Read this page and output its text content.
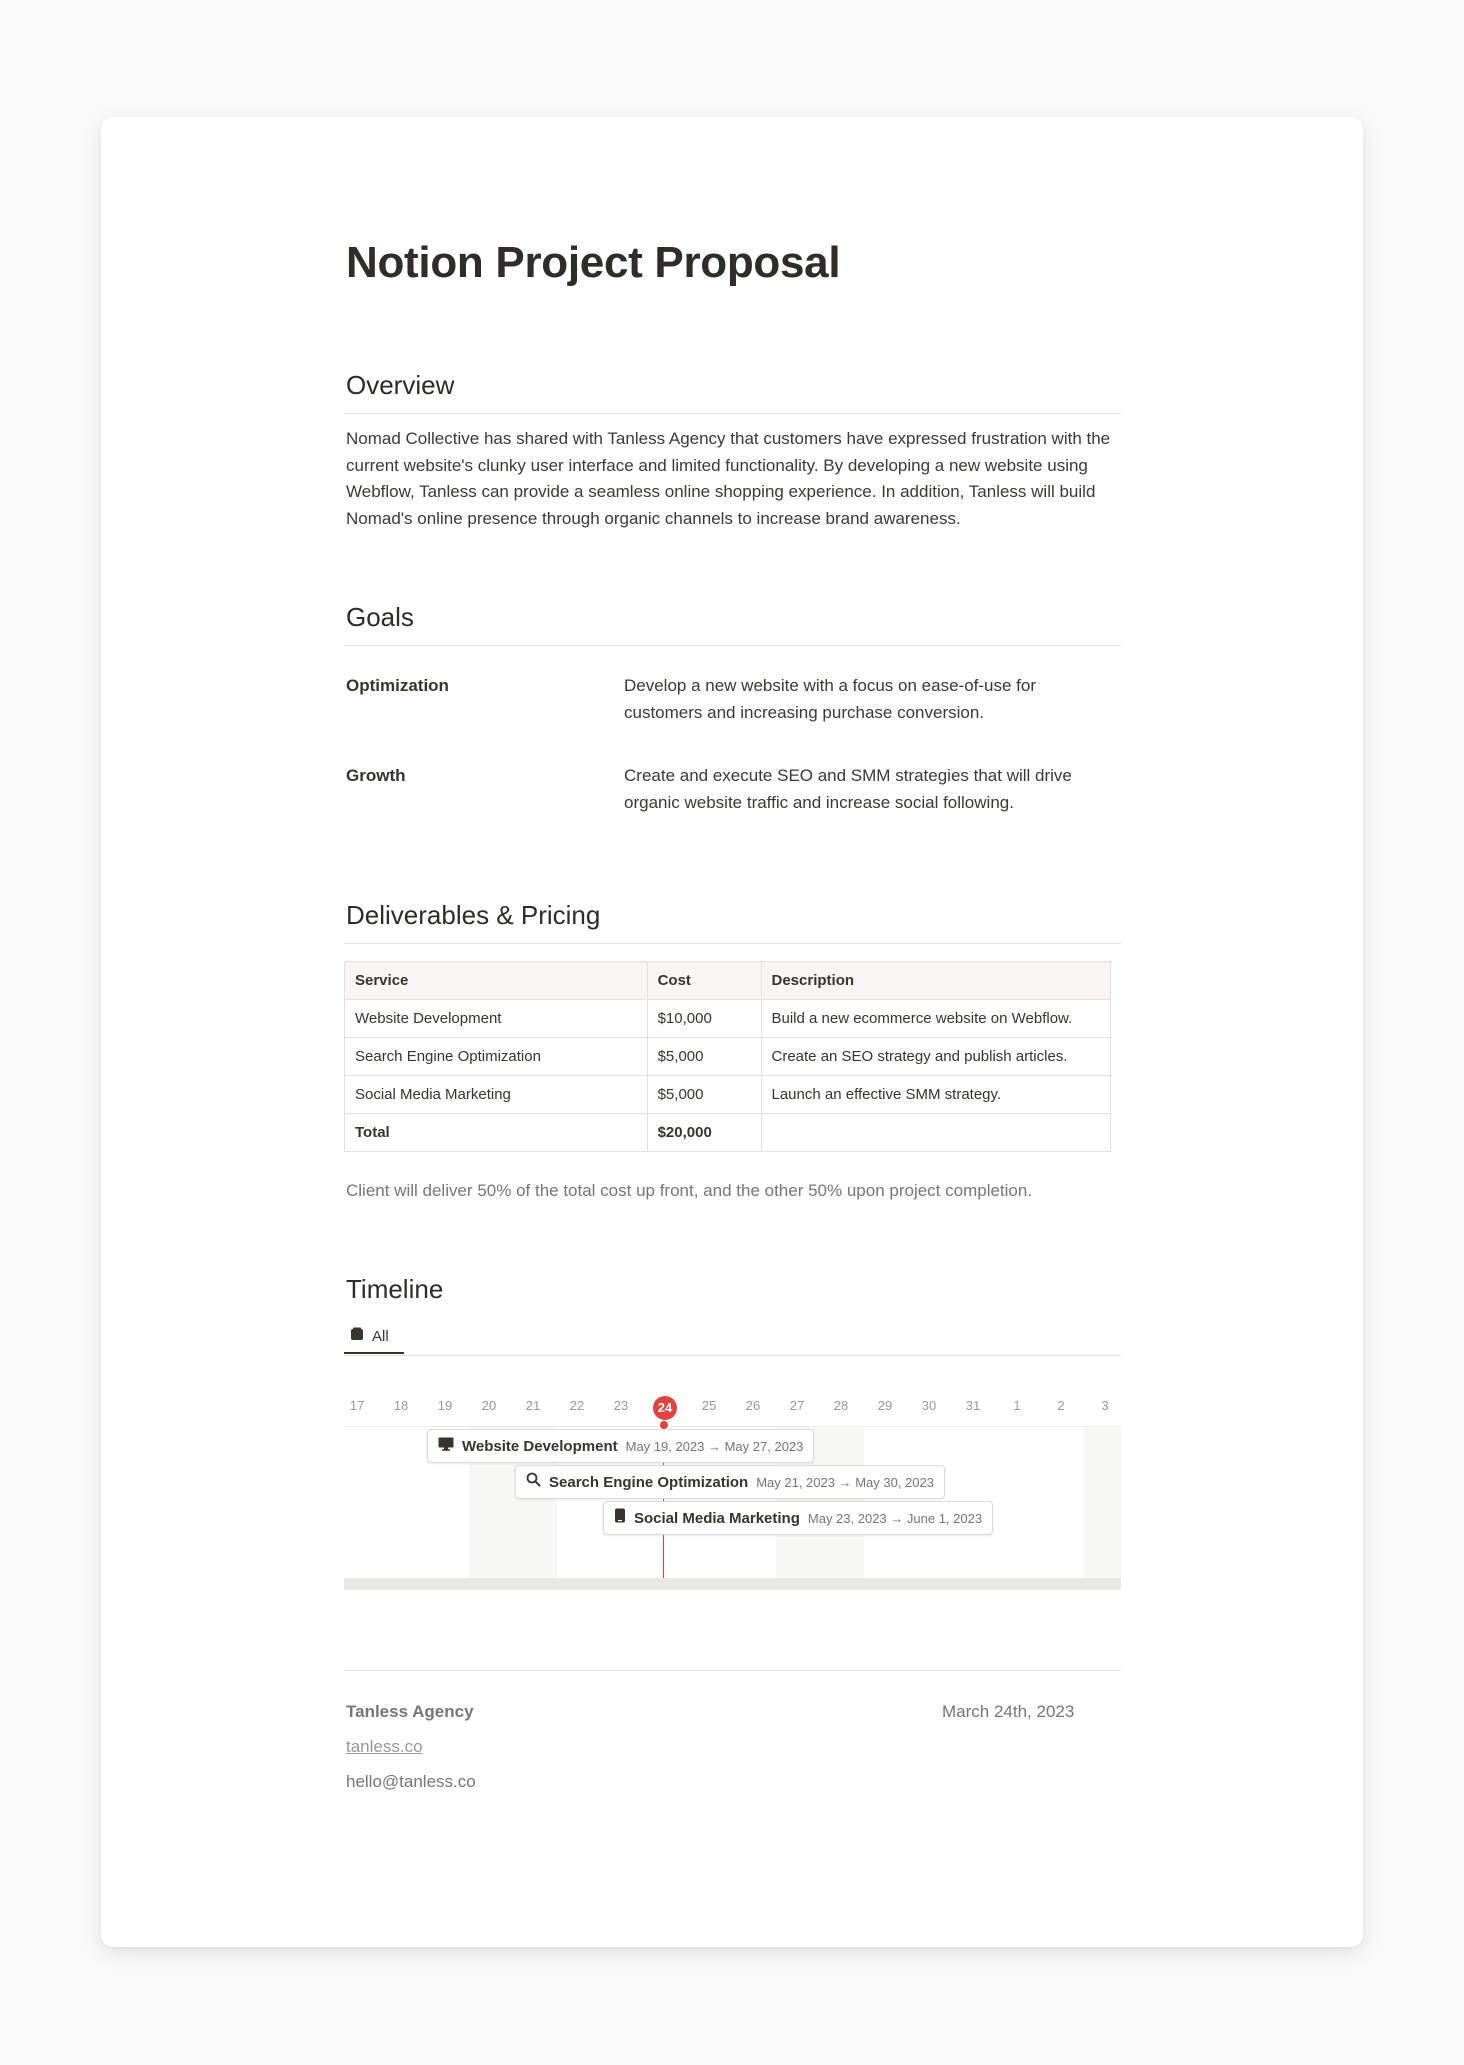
Notion Project Proposal
Overview

Nomad Collective has shared with Tanless Agency that customers have expressed frustration with the current website's clunky user interface and limited functionality. By developing a new website using Webflow, Tanless can provide a seamless online shopping experience. In addition, Tanless will build Nomad's online presence through organic channels to increase brand awareness.

Goals
Optimization	Develop a new website with a focus on ease-of-use for customers and increasing purchase conversion.
Growth	Create and execute SEO and SMM strategies that will drive organic website traffic and increase social following.
Deliverables & Pricing
Service	Cost	Description
Website Development	$10,000	Build a new ecommerce website on Webflow.
Search Engine Optimization	$5,000	Create an SEO strategy and publish articles.
Social Media Marketing	$5,000	Launch an effective SMM strategy.
Total	$20,000	
Client will deliver 50% of the total cost up front, and the other 50% upon project completion.
Timeline
All
17	18	19	20	21	22	23	24	25	26	27	28	29	30	31	1	2	3
Website Development May 19, 2023 → May 27, 2023
Search Engine Optimization May 21, 2023 → May 30, 2023
Social Media Marketing May 23, 2023 → June 1, 2023
Tanless Agency
tanless.co
hello@tanless.co
March 24th, 2023
